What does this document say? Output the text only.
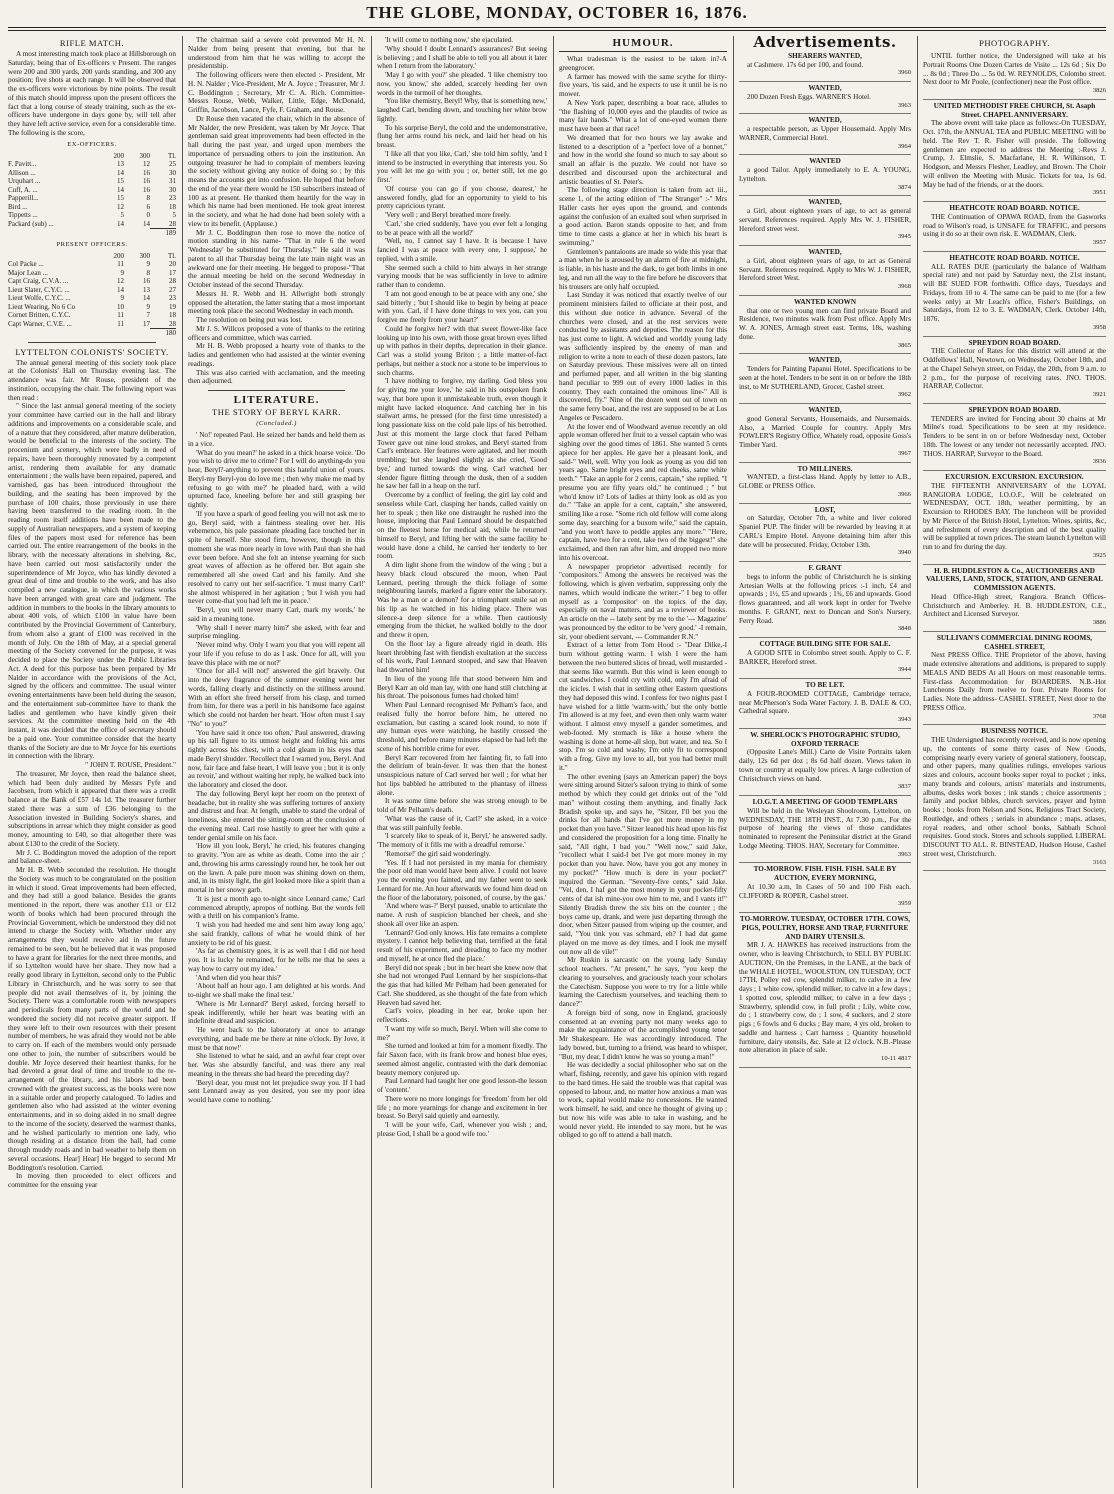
THE GLOBE, MONDAY, OCTOBER 16, 1876.
RIFLE MATCH.

A most interesting match took place at Hillsborough on Saturday, being that of Ex-officers v Present. The ranges were 200 and 300 yards, 200 yards standing, and 300 any position; five shots at each range. It will be observed that the ex-officers were victorious by nine points. The result of this match should impress upon the present officers the fact that a long course of steady training, such as the ex-officers have undergone in days gone by, will tell after they have left active service, even for a considerable time. The following is the score,

EX-OFFICERS.
	200	300	Tl.
F. Pavitt...	13	12	25
Allison ...	14	16	30
Urquhart ...	15	16	31
Cuff, A. ...	14	16	30
Papperill...	15	8	23
Bird ...	12	6	18
Tippetts ...	5	0	5
Packard (sub) ...	14	14	28
			189
PRESENT OFFICERS.
	200	300	Tl.
Col Packe ...	11	9	20
Major Lean ...	9	8	17
Capt Craig, C.V.A. ...	12	16	28
Lieut Slater, C.Y.C. ...	14	13	27
Lieut Wolfe, C.Y.C. ...	9	14	23
Lieut Wearing, No 6 Co	10	9	19
Cornet Britten, C.Y.C.	11	7	18
Capt Warner, C.V.E. ...	11	17	28
			180
LYTTELTON COLONISTS' SOCIETY.

The annual general meeting of this society took place at the Colonists' Hall on Thursday evening last. The attendance was fair. Mr Rouse, president of the institution, occupying the chair. The following report was then read :

" Since the last annual general meeting of the society your committee have carried out in the hall and library additions and improvements on a considerable scale, and of a nature that they considered, after mature deliberation, would be beneficial to the interests of the society. The procenium and scenery, which were badly in need of repairs, have been thoroughly renovated by a competent artist, rendering them available for any dramatic entertainment ; the walls have been repaired, papered, and varnished, gas has been introduced throughout the building, and the seating has been improved by the purchase of 100 chairs, those previously in use there having been transferred to the reading room. In the reading room itself additions have been made to the supply of Australian newspapers, and a system of keeping files of the papers most used for reference has been carried out. The entire rearrangement of the books in the library, with the necessary alterations in shelving, &c, have been carried out most satisfactorily under the superintendence of Mr Joyce, who has kindly devoted a great deal of time and trouble to the work, and has also compiled a new catalogue, in which the various works have been arranged with great care and judgment. The addition in numbers to the books in the library amounts to about 400 vols, of which £100 in value have been contributed by the Provincial Government of Canterbury, from whom also a grant of £100 was received in the month of July. On the 18th of May, at a special general meeting of the Society convened for the purpose, it was decided to place the Society under the Public Libraries Act. A deed for this purpose has been prepared by Mr Nalder in accordance with the provisions of the Act, signed by the officers and committee. The usual winter evening entertainments have been held during the season, and the entertainment sub-committee have to thank the ladies and gentlemen who have kindly given their services. At the committee meeting held on the 4th instant, it was decided that the office of secretary should be a paid one. Your committee consider that the hearty thanks of the Society are due to Mr Joyce for his exertions in connection with the library.

" JOHN T. ROUSE, President."

The treasurer, Mr Joyce, then read the balance sheet, which had been duly audited by Messrs Fyfe and Jacobsen, from which it appeared that there was a credit balance at the Bank of £57 14s 1d. The treasurer further stated there was a sum of £36 belonging to the Association invested in Building Society's shares, and subscriptions in arrear which they might consider as good money, amounting to £40, so that altogether there was about £130 to the credit of the Society.

Mr J. C. Boddington moved the adoption of the report and balance-sheet.

Mr H. B. Webb seconded the resolution. He thought the Society was much to be congratulated on the position in which it stood. Great improvements had been effected, and they had still a good balance. Besides the grants mentioned in the report, there was another £11 or £12 worth of books which had been procured through the Provincial Government, which he understood they did not intend to charge the Society with. Whether under any arrangements they would receive aid in the future remained to be seen, but he believed that it was proposed to have a grant for libraries for the next three months, and if so Lyttelton would have her share. They now had a really good library in Lyttelton, second only to the Public Library in Christchurch, and he was sorry to see that people did not avail themselves of it, by joining the Society. There was a comfortable room with newspapers and periodicals from many parts of the world and he wondered the society did not receive greater support. If they were left to their own resources with their present number of members, he was afraid they would not be able to carry on. If each of the members would only persuade one other to join, the number of subscribers would be double. Mr Joyce deserved their heartiest thanks, for he had devoted a great deal of time and trouble to the re-arrangement of the library, and his labors had been crowned with the greatest success, as the books were now in a suitable order and properly catalogued. To ladies and gentlemen also who had assisted at the winter evening entertainments, and in so doing aided in no small degree to the income of the society, deserved the warmest thanks, and he wished particularly to mention one lady, who though residing at a distance from the hall, had come through muddy roads and in bad weather to help them on several occasions. Hear] Hear] He begged to second Mr Boddington's resolution. Carried.

In moving then proceeded to elect officers and committee for the ensuing year

The chairman said a severe cold prevented Mr H. N. Nalder from being present that evening, but that he understood from him that he was willing to accept the presidentship.

The following officers were then elected :- President, Mr H. N. Nalder ; Vice-President, Mr A. Joyce ; Treasurer, Mr J. C. Boddington ; Secretary, Mr C. A. Rich. Committee- Messrs Rouse, Webb, Walker, Little, Edge, McDonald, Griffin, Jacobson, Lance, Fyfe, F. Graham, and Rouse.

Dr Rouse then vacated the chair, which in the absence of Mr Nalder, the new President, was taken by Mr Joyce. That gentleman said great improvements had been effected in the hall during the past year, and urged upon members the importance of persuading others to join the institution. An outgoing treasurer he had to complain of members leaving the society without giving any notice of doing so ; by this means the accounts got into confusion. He hoped that before the end of the year there would be 150 subscribers instead of 100 as at present. He thanked them heartily for the way in which his name had been mentioned. He took great interest in the society, and what he had done had been solely with a view to its benefit. (Applause.)

Mr J. C. Boddington then rose to move the notice of motion standing in his name- "That in rule 6 the word 'Wednesday' be substituted for 'Thursday.'" He said it was patent to all that Thursday being the late train night was an awkward one for their meeting. He begged to propose-"That the annual meeting be held on the second Wednesday in October instead of the second Thursday.

Messrs H. R. Webb and H. Allwright both strongly opposed the alteration, the latter stating that a most important meeting took place the second Wednesday in each month.

The resolution on being put was lost.

Mr J. S. Willcox proposed a vote of thanks to the retiring officers and committee, which was carried.

Mr H. B. Webb proposed a hearty vote of thanks to the ladies and gentlemen who had assisted at the winter evening readings.

This was also carried with acclamation, and the meeting then adjourned.

LITERATURE.
THE STORY OF BERYL KARR.
(Concluded.)

' No!' repeated Paul. He seized her hands and held them as in a vice.

'What do you mean?' he asked in a thick hoarse voice. 'Do you wish to drive me to crime? For I will do anything-do you hear, Beryl?-anything to prevent this hateful union of yours. Beryl-my Beryl-you do love me ; then why make me mad by refusing to go with me?' he pleaded hard, with a wild upturned face, kneeling before her and still grasping her tightly.

'If you have a spark of good feeling you will not ask me to go, Beryl said, with a faintness stealing over her. His vehemence, his pale passionate pleading face touched her in spite of herself. She stood firm, however, though in this moment she was more nearly in love with Paul than she had ever been before. And she felt an intense yearning for such great waves of affection as he offered her. But again she remembered all she owed Carl and his family. And she resolved to carry out her self-sacrifice. 'I must marry Carl!' she almost whispered in her agitation ; 'but I wish you had never come-that you had left me in peace.'

'Beryl, you will never marry Carl, mark my words,' he said in a meaning tone.

'Why shall I never marry him?' she asked, with fear and surprise mingling.

'Never mind why. Only I warn you that you will repent all your life if you refuse to do as I ask. Once for all, will you leave this place with me or not?'

'Once for all-I will not!' answered the girl bravely. Out into the dewy fragrance of the summer evening went her words, falling clearly and distinctly on the stillness around. With an effort she freed herself from his clasp, and turned from him, for there was a peril in his handsome face against which she could not harden her heart. 'How often must I say "No" to you?'

'You have said it once too often,' Paul answered, drawing up his tall figure to its utmost height and folding his arms tightly across his chest, with a cold gleam in his eyes that made Beryl shudder. 'Recollect that I warned you, Beryl. And now, fair face and false heart, I will leave you ; but it is only au revoir,' and without waiting her reply, he walked back into the laboratory and closed the door.

The day following Beryl kept her room on the pretext of headache, but in reality she was suffering tortures of anxiety and distrust and fear. At length, unable to stand the ordeal of loneliness, she entered the sitting-room at the conclusion of the evening meal. Carl rose hastily to greet her with quite a tender genial smile on his face.

'How ill you look, Beryl,' he cried, his features changing to gravity. 'You are as white as death. Come into the air ;' and, throwing his arms caressingly round her, he took her out on the lawn. A pale pure moon was shining down on them, and, in its misty light, the girl looked more like a spirit than a mortal in her snowy garb.

'It is just a month ago to-night since Lennard came,' Carl commenced abruptly, apropos of nothing. But the words fell with a thrill on his companion's frame.

'I wish you had heeded me and sent him away long ago,' she said frankly, callous of what he would think of her anxiety to be rid of his guest.

'As far as chemistry goes, it is as well that I did not heed you. It is lucky he remained, for he tells me that he sees a way how to carry out my idea.'

'And when did you hear this?'

'About half an hour ago. I am delighted at his words. And to-night we shall make the final test.'

'Where is Mr Lennard?' Beryl asked, forcing herself to speak indifferently, while her heart was beating with an indefinite dread and suspicion.

'He went back to the laboratory at once to arrange everything, and bade me be there at nine o'clock. By Jove, it must be that now!'

She listened to what he said, and an awful fear crept over her. Was she absurdly fanciful, and was there any real meaning in the threats she had heard the preceding day?

'Beryl dear, you must not let prejudice sway you. If I had sent Lennard away as you desired, you see my poor idea would have come to nothing.'

'It will come to nothing now,' she ejaculated.

'Why should I doubt Lennard's assurances? But seeing is believing ; and I shall be able to tell you all about it later when I return from the laboratory.'

'May I go with you?' she pleaded. 'I like chemistry too now, you know,' she added, scarcely heeding her own words in the turmoil of her thoughts.

'You like chemistry, Beryl! Why, that is something new,' laughed Carl, bending down, and touching her white brow lightly.

To his surprise Beryl, the cold and the undemonstrative, flung her arms round his neck, and laid her head on his breast.

'I like all that you like, Carl,' she told him softly, 'and I intend to be instructed in everything that interests you. So you will let me go with you ; or, better still, let me go first.'

'Of course you can go if you choose, dearest,' he answered fondly, glad for an opportunity to yield to his pretty capricious tyrant.

'Very well ; and Beryl breathed more freely.

'Carl,' she cried suddenly, 'have you ever felt a longing to be at peace with all the world?'

'Well, no, I cannot say I have. It is because I have fancied I was at peace with every one, I suppose,' he replied, with a smile.

She seemed such a child to him always in her strange varying moods that he was sufficiently in love to admire rather than to condemn.

'I am not good enough to be at peace with any one,' she said bitterly ; 'but I should like to begin by being at peace with you. Carl, if I have done things to vex you, can you forgive me freely from your heart?'

Could he forgive her? with that sweet flower-like face looking up into his own, with those great brown eyes lifted up with pathos in their depths, deprecation in their glance. Carl was a stolid young Briton ; a little matter-of-fact perhaps, but neither a stock nor a stone to be impervious to such charms.

'I have nothing to forgive, my darling. God bless you for giving me your love,' he said in his outspoken frank way, that bore upon it unmistakeable truth, even though it might have lacked eloquence. And catching her in his stalwart arms, he pressed (for the first time unresisted) a long passionate kiss on the cold pale lips of his betrothed. Just at this moment the large clock that faced Pelham Tower gave out nine loud strokes, and Beryl started from Carl's embrace. Her features were agitated, and her mouth trembling; but she laughed slightly as she cried, 'Good bye,' and turned towards the wing. Carl watched her slender figure flitting through the dusk, then of a sudden he saw her fall in a heap on the turf.

Overcome by a conflict of feeling, the girl lay cold and senseless while Carl, clasping her hands, called vainly on her to speak ; then like one distraught he rushed into the house, imploring that Paul Lennard should be despatched on the fleetest horse for medical aid, while he returned himself to Beryl, and lifting her with the same facility he would have done a child, he carried her tenderly to her room.

A dim light shone from the window of the wing ; but a heavy black cloud obscured the moon, when Paul Lennard, peering through the thick foliage of some neighbouring laurels, marked a figure enter the laboratory. Was he a man or a demon? for a triumphant smile sat on his lip as he watched in his hiding place. There was silence-a deep silence for a while. Then cautiously emerging from the thicket, he walked boldly to the door and threw it open.

On the floor lay a figure already rigid in death. His heart throbbing fast with fiendish exultation at the success of his work, Paul Lennard stooped, and saw that Heaven had thwarted him!

In lieu of the young life that stood between him and Beryl Karr an old man lay, with one hand still clutching at his throat. The poisonous fumes had choked him!

When Paul Lennard recognised Mr Pelham's face, and realised fully the horror before him, he uttered no exclamation, but casting a scared look round, to note if any human eyes were watching, he hastily crossed the threshold, and before many minutes elapsed he had left the scene of his horrible crime for ever.

Beryl Karr recovered from her fainting fit, to fall into the delirium of brain-fever. It was then that the honest unsuspicious nature of Carl served her well ; for what her hot lips babbled he attributed to the phantasy of illness alone.

It was some time before she was strong enough to be told of Mr Pelham's death.

'What was the cause of it, Carl?' she asked, in a voice that was still painfully feeble.

'I scarcely like to speak of it, Beryl,' he answered sadly. 'The memory of it fills me with a dreadful remorse.'

'Remorse!' the girl said wonderingly.

'Yes. If I had not persisted in my mania for chemistry the poor old man would have been alive. I could not leave you the evening you fainted, and my father went to seek Lennard for me. An hour afterwards we found him dead on the floor of the laboratory, poisoned, of course, by the gas.'

'And where was-?' Beryl paused, unable to articulate the name. A rush of suspicion blanched her cheek, and she shook all over like an aspen.

'Lennard? God only knows. His fate remains a complete mystery. I cannot help believing that, terrified at the fatal result of his experiment, and dreading to face my mother and myself, he at once fled the place.'

Beryl did not speak ; but in her heart she knew now that she had not wronged Paul Lennard by her suspicions-that the gas that had killed Mr Pelham had been generated for Carl. She shuddered, as she thought of the fate from which Heaven had saved her.

Carl's voice, pleading in her ear, broke upon her reflections.

'I want my wife so much, Beryl. When will she come to me?'

She turned and looked at him for a moment fixedly. The fair Saxon face, with its frank brow and honest blue eyes, seemed almost angelic, contrasted with the dark demoniac beauty memory conjured up.

Paul Lennard had taught her one good lesson-the lesson of 'content.'

There were no more longings for 'freedom' from her old life ; no more yearnings for change and excitement in her breast. So Beryl said quietly and earnestly.

'I will be your wife, Carl, whenever you wish ; and, please God, I shall be a good wife too.'

HUMOUR.

What tradesman is the easiest to be taken in?-A greengrocer.

A farmer has mowed with the same scythe for thirty-five years, 'tis said, and he expects to use it until he is no mower.

A New York paper, describing a boat race, alludes to "the flashing of 10,000 eyes and the plaudits of twice as many fair hands." What a lot of one-eyed women there must have been at that race!

We dreamed that for two hours we lay awake and listened to a description of a "perfect love of a bonnet," and how in the world she found so much to say about so small an affair is the puzzle. We could not have so described and discoursed upon the architectural and artistic beauties of St. Peter's.

The following stage direction is taken from act iii., scene 1, of the acting edition of "The Stranger" :-" Mrs Haller casts her eyes upon the ground, and contends against the confusion of an exalted soul when surprised in a good action. Baron stands opposite to her, and from time to time casts a glance at her in which his heart is swimming."

Gentlemen's pantaloons are made so wide this year that a man when he is aroused by an alarm of fire at midnight, is liable, in his haste and the dark, to get both limbs in one leg, and run all the way to the fire before he discovers that his trousers are only half occupied.

Last Sunday it was noticed that exactly twelve of our prominent ministers failed to officiate at their post, and this without due notice in advance. Several of the churches were closed, and at the rest services were conducted by assistants and deputies. The reason for this has just come to light. A wicked and worldly young lady was sufficiently inspired by the enemy of man and religion to write a note to each of these dozen pastors, late on Saturday previous. These missives were all on tinted and perfumed paper, and all written in the big slanting hand peculiar to 999 out of every 1000 ladies in this country. They each contained the ominous line-" All is discovered, fly." Nine of the dozen went out of town on the same ferry boat, and the rest are supposed to be at Los Angeles or Pescadero.

At the lower end of Woodward avenue recently an old apple woman offered her fruit to a vessel captain who was sighing over the good times of 1861. She wanted 5 cents apiece for her apples. He gave her a pleasant look, and said-" Well, well. Why you look as young as you did ten years ago. Same bright eyes and red cheeks, same white teeth." "Take an apple for 2 cents, captain," she replied. "I presume you are fifty years old," he continued ; " but who'd know it? Lots of ladies at thirty look as old as you do." "Take an apple for a cent, captain," she answered, smiling like a rose. "Some rich old fellow will come along some day, searching for a buxom wife," said the captain, "and you won't have to peddle apples any more." "Here, captain, have two for a cent, take two of the biggest!" she exclaimed, and then ran after him, and dropped two more into his overcoat.

A newspaper proprietor advertised recently for "compositors." Among the answers he received was the following, which is given verbatim, suppressing only the names, which would indicate the writer:-" I beg to offer myself as a 'compositor' on the topics of the day, especially on naval matters, and as a reviewer of books. An article on the -- lately sent by me to the '--- Magazine' was pronounced by the editor to be 'very good.' -I remain, sir, your obedient servant, --- Commander R.N."

Extract of a letter from Tom Hood :- "Dear Dilke,-I burn without getting warm. I wish I were the ham between the two buttered slices of bread, well mustarded -that seems like warmth. But this wind is keen enough to cut sandwiches. I could cry with cold, only I'm afraid of the icicles. I wish that in settling other Eastern questions they had deposed this wind. I confess for two nights past I have wished for a little 'warm-with,' but the only bottle I'm allowed is at my feet, and even then only warm water without. I almost envy myself a gander sometimes, and web-footed. My stomach is like a house where the washing is done at home-all slop, but water, and tea. So I stop. I'm so cold and washy, I'm only fit to correspond with a frog. Give my love to all, but you had better mull it."

The other evening (says an American paper) the boys were sitting around Sitzer's saloon trying to think of some method by which they could get drinks out of the "old man" without costing them anything, and finally Jack Bradish spoke up, and says he, "Sitzer, I'll bet you the drinks for all hands that I've got more money in my pocket than you have." Sitzer leaned his head upon his fist and considered the proposition for a long time. Finally he said, "All right, I bad you." "Well now," said Jake, "recollect what I said-I bet I've got more money in my pocket than you have. Now, have you got any money in my pocket?" "How much is dere in your pocket?" inquired the German. "Seventy-five cents," said Jake. "Vel, den, I haf got the most money in your pocket-fifty cents of dat ish mine-you owe him to me, and I vants it!" Silently Bradish threw the six bits on the counter ; the boys came up, drank, and were just departing through the door, when Sitzer paused from wiping up the counter, and said, "You tink you vas schmard, eh? I had dat game played on me move as dey times, and I look me myself out now all de vile!"

Mr Ruskin is sarcastic on the young lady Sunday school teachers. "At present," he says, "you keep the clearing to yourselves, and graciously teach your scholars the Catechism. Suppose you were to try for a little while learning the Catechism yourselves, and teaching them to dance?"

A foreign bird of song, now in England, graciously consented at an evening party not many weeks ago to make the acquaintance of the accomplished young tenor Mr Shakespeare. He was accordingly introduced. The lady bowed, but, turning to a friend, was heard to whisper, "But, my dear, I didn't know he was so young a man!"

He was decidedly a social philosopher who sat on the wharf, fishing, recently, and gave his opinion with regard to the hard times. He said the trouble was that capital was opposed to labour, and, no matter how anxious a man was to work, capital would make no concessions. He wanted work himself, he said, and once he thought of giving up ; but now his wife was able to take in washing, and he would never yield. He intended to say more, but he was obliged to go off to attend a ball match.

Advertisements.
SHEARERS WANTED,

at Cashmere. 17s 6d per 100, and found.

3960
WANTED,

200 Dozen Fresh Eggs. WARNER'S Hotel.

3963
WANTED,

a respectable person, as Upper Housemaid. Apply Mrs WARNER, Commercial Hotel.

3964
WANTED

a good Tailor. Apply immediately to E. A. YOUNG, Lyttelton.

3874
WANTED,

a Girl, about eighteen years of age, to act as general servant. References required. Apply Mrs W. J. FISHER, Hereford street west.

3945
WANTED,

a Girl, about eighteen years of age, to act as General Servant. References required. Apply to Mrs W. J. FISHER, Hereford street West.

3968
WANTED KNOWN

that one or two young men can find private Board and Residence, two minutes walk from Post office. Apply Mrs W. A. JONES, Armagh street east. Terms, 18s, washing done.

3865
WANTED,

Tenders for Painting Papanui Hotel. Specifications to be seen at the hotel. Tenders to be sent in on or before the 18th inst, to Mr SUTHERLAND, Grocer, Cashel street.

3962
WANTED,

good General Servants, Housemaids, and Nursemaids. Also, a Married Couple for country. Apply Mrs FOWLER'S Registry Office, Whately road, opposite Goss's Timber Yard.

3967
TO MILLINERS.

WANTED, a first-class Hand. Apply by letter to A.B., GLOBE or PRESS Office.

3966
LOST,

on Saturday, October 7th, a white and liver colored Spaniel PUP. The finder will be rewarded by leaving it at CARL's Empire Hotel. Anyone detaining him after this date will be prosecuted. Friday, October 13th.

3940
F. GRANT

begs to inform the public of Christchurch he is sinking Artesian Wells at the following prices :-1 inch, £4 and upwards ; 1½, £5 and upwards ; 1¾, £6 and upwards. Good flows guaranteed, and all work kept in order for Twelve months. F. GRANT, next to Duncan and Son's Nursery, Ferry Road.

3848
COTTAGE BUILDING SITE FOR SALE.

A GOOD SITE in Colombo street south. Apply to C. F. BARKER, Hereford street.

3944
TO BE LET.

A FOUR-ROOMED COTTAGE, Cambridge terrace, near McPherson's Soda Water Factory. J. B. DALE & CO, Cathedral square.

3943
W. SHERLOCK'S PHOTOGRAPHIC STUDIO, OXFORD TERRACE

(Opposite Lane's Mill.) Carte de Visite Portraits taken daily, 12s 6d per doz ; 8s 6d half dozen. Views taken in town or country at equally low prices. A large collection of Christchurch views on hand.

3837
I.O.G.T. A MEETING OF GOOD TEMPLARS

Will be held in the Wesleyan Shoolroom, Lyttelton, on WEDNESDAY, THE 18TH INST., At 7.30 p.m., For the purpose of hearing the views of those candidates nominated to represent the Peninsular district at the Grand Lodge Meeting. THOS. HAY, Secretary for Committee.

3963
TO-MORROW. FISH. FISH. FISH. SALE BY AUCTION, EVERY MORNING,

At 10.30 a.m, In Cases of 50 and 100 Fish each. CLIFFORD & ROPER, Cashel street.

3959
TO-MORROW. TUESDAY, OCTOBER 17TH. COWS, PIGS, POULTRY, HORSE AND TRAP, FURNITURE AND DAIRY UTENSILS.

MR J. A. HAWKES has received instructions from the owner, who is leaving Christchurch, to SELL BY PUBLIC AUCTION, On the Premises, in the LANE, at the back of the WHALE HOTEL, WOOLSTON, ON TUESDAY, OCT 17TH, Polley red cow, splendid milker, to calve in a few days ; 1 white cow, splendid milker, to calve in a few days ; 1 spotted cow, splendid milker, to calve in a few days ; Strawberry, splendid cow, in full profit ; Lily, white cow, do ; 1 strawberry cow, do ; 1 sow, 4 suckers, and 2 store pigs ; 6 fowls and 6 ducks ; Bay mare, 4 yrs old, broken to saddle and harness ; Cart harness ; Quantity household furniture, dairy utensils, &c. Sale at 12 o'clock. N.B.-Please note alteration in place of sale.

10-11 4817
PHOTOGRAPHY.

UNTIL further notice, the Undersigned will take at his Portrait Rooms One Dozen Cartes de Visite ... 12s 6d ; Six Do ... 8s 0d ; Three Do ... 5s 0d. W. REYNOLDS, Colombo street. Next door to Mr Poole, (confectioner) near the Post office.

3826
UNITED METHODIST FREE CHURCH, St. Asaph Street. CHAPEL ANNIVERSARY.

The above event will take place as follows:-On TUESDAY, Oct. 17th, the ANNUAL TEA and PUBLIC MEETING will be held. The Rev T. R. Fisher will preside. The following gentlemen are expected to address the Meeting :-Revs J. Crump, J. Elmslie, S. Macfarlane, H. R. Wilkinson, T. Hodgson, and Messrs Flesher, Leadley, and Brown. The Choir will enliven the Meeting with Music. Tickets for tea, 1s 6d. May be had of the friends, or at the doors.

3951
HEATHCOTE ROAD BOARD. NOTICE.

THE Continuation of OPAWA ROAD, from the Gasworks road to Wilson's road, is UNSAFE for TRAFFIC, and persons using it do so at their own risk. E. WADMAN, Clerk.

3957
HEATHCOTE ROAD BOARD. NOTICE.

ALL RATES DUE (particularly the balance of Waltham special rate) and not paid by Saturday next, the 21st instant, will BE SUED FOR forthwith. Office days, Tuesdays and Fridays, from 10 to 4. The same can be paid to me (for a few weeks only) at Mr Leach's office, Fisher's Buildings, on Saturdays, from 12 to 3. E. WADMAN, Clerk. October 14th, 1876.

3958
SPREYDON ROAD BOARD.

THE Collector of Rates for this district will attend at the Oddfellows' Hall, Newtown, on Wednesday, October 18th, and at the Chapel Selwyn street, on Friday, the 20th, from 9 a.m. to 2 p.m., for the purpose of receiving rates. JNO. THOS. HARRAP, Collector.

3921
SPREYDON ROAD BOARD.

TENDERS are invited for Fencing about 30 chains at Mr Milne's road. Specifications to be seen at my residence. Tenders to be sent in on or before Wednesday next, October 18th. The lowest or any tender not necessarily accepted. JNO. THOS. HARRAP, Surveyor to the Board.

3936
EXCURSION. EXCURSION. EXCURSION.

THE FIFTEENTH ANNIVERSARY of the LOYAL RANGIORA LODGE, I.O.O.F., Will be celebrated on WEDNESDAY, OCT. 18th, weather permitting, by an Excursion to RHODES BAY. The luncheon will be provided by Mr Pierce of the British Hotel, Lyttelton. Wines, spirits, &c, and refreshment of every description and of the best quality will be supplied at town prices. The steam launch Lyttelton will run to and fro during the day.

3925
H. B. HUDDLESTON & Co., AUCTIONEERS AND VALUERS, LAND, STOCK, STATION, AND GENERAL COMMISSION AGENTS.

Head Office-High street, Rangiora. Branch Offices-Christchurch and Amberley. H. B. HUDDLESTON, C.E., Architect and Licensed Surveyor.

3886
SULLIVAN'S COMMERCIAL DINING ROOMS, CASHEL STREET,

Next PRESS Office. THE Proprietor of the above, having made extensive alterations and additions, is prepared to supply MEALS AND BEDS At all Hours on most reasonable terms. First-class Accommodation for BOARDERS. N.B.-Hot Luncheons Daily from twelve to four. Private Rooms for Ladies. Note the address- CASHEL STREET, Next door to the PRESS Office.

3768
BUSINESS NOTICE.

THE Undersigned has recently received, and is now opening up, the contents of some thirty cases of New Goods, comprising nearly every variety of general stationery, footscap, and other papers, many qualities rulings, envelopes various sizes and colours, account books super royal to pocket ; inks, many brands and colours, artists' materials and instruments, albums, desks work boxes ; ink stands ; choice assortments ; family and pocket bibles, church services, prayer and hymn books ; books from Nelson and Sons, Religious Tract Society, Routledge, and others ; serials in abundance ; maps, atlases, royal readers, and other school books, Sabbath School requisites. Good stock. Stores and schools supplied. LIBERAL DISCOUNT TO ALL. R. BINSTEAD, Hudson House, Cashel street west, Christchurch.

3163
